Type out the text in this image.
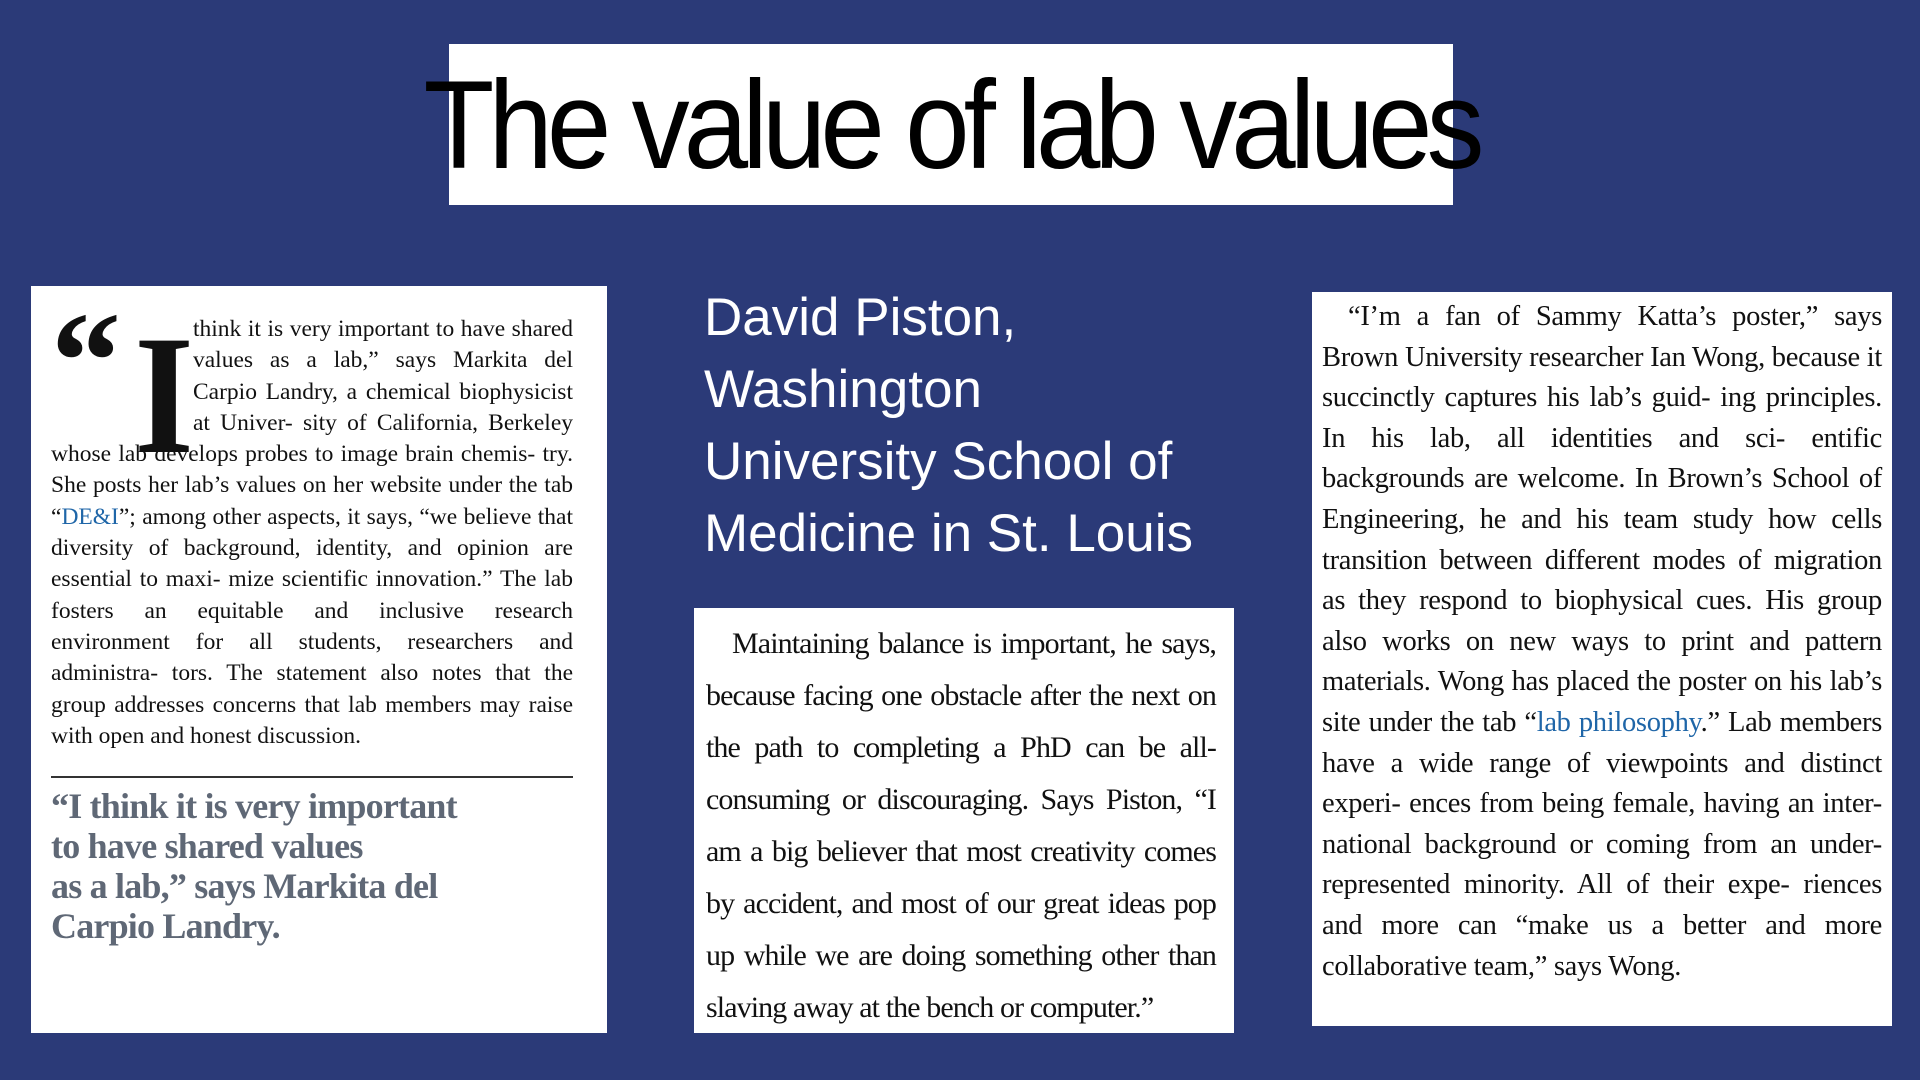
The value of lab values
“ I think it is very important to have shared values as a lab,” says Markita del Carpio Landry, a chemical biophysicist at Univer- sity of California, Berkeley whose lab develops probes to image brain chemis- try. She posts her lab’s values on her website under the tab “DE&I”; among other aspects, it says, “we believe that diversity of background, identity, and opinion are essential to maxi- mize scientific innovation.” The lab fosters an equitable and inclusive research environment for all students, researchers and administra- tors. The statement also notes that the group addresses concerns that lab members may raise with open and honest discussion.

“I think it is very important
to have shared values
as a lab,” says Markita del
Carpio Landry.

David Piston,
Washington
University School of
Medicine in St. Louis

Maintaining balance is important, he says, because facing one obstacle after the next on the path to completing a PhD can be all-consuming or discouraging. Says Piston, “I am a big believer that most creativity comes by accident, and most of our great ideas pop up while we are doing something other than slaving away at the bench or computer.”

“I’m a fan of Sammy Katta’s poster,” says Brown University researcher Ian Wong, because it succinctly captures his lab’s guid- ing principles. In his lab, all identities and sci- entific backgrounds are welcome. In Brown’s School of Engineering, he and his team study how cells transition between different modes of migration as they respond to biophysical cues. His group also works on new ways to print and pattern materials. Wong has placed the poster on his lab’s site under the tab “lab philosophy.” Lab members have a wide range of viewpoints and distinct experi- ences from being female, having an inter- national background or coming from an under-represented minority. All of their expe- riences and more can “make us a better and more collaborative team,” says Wong.
